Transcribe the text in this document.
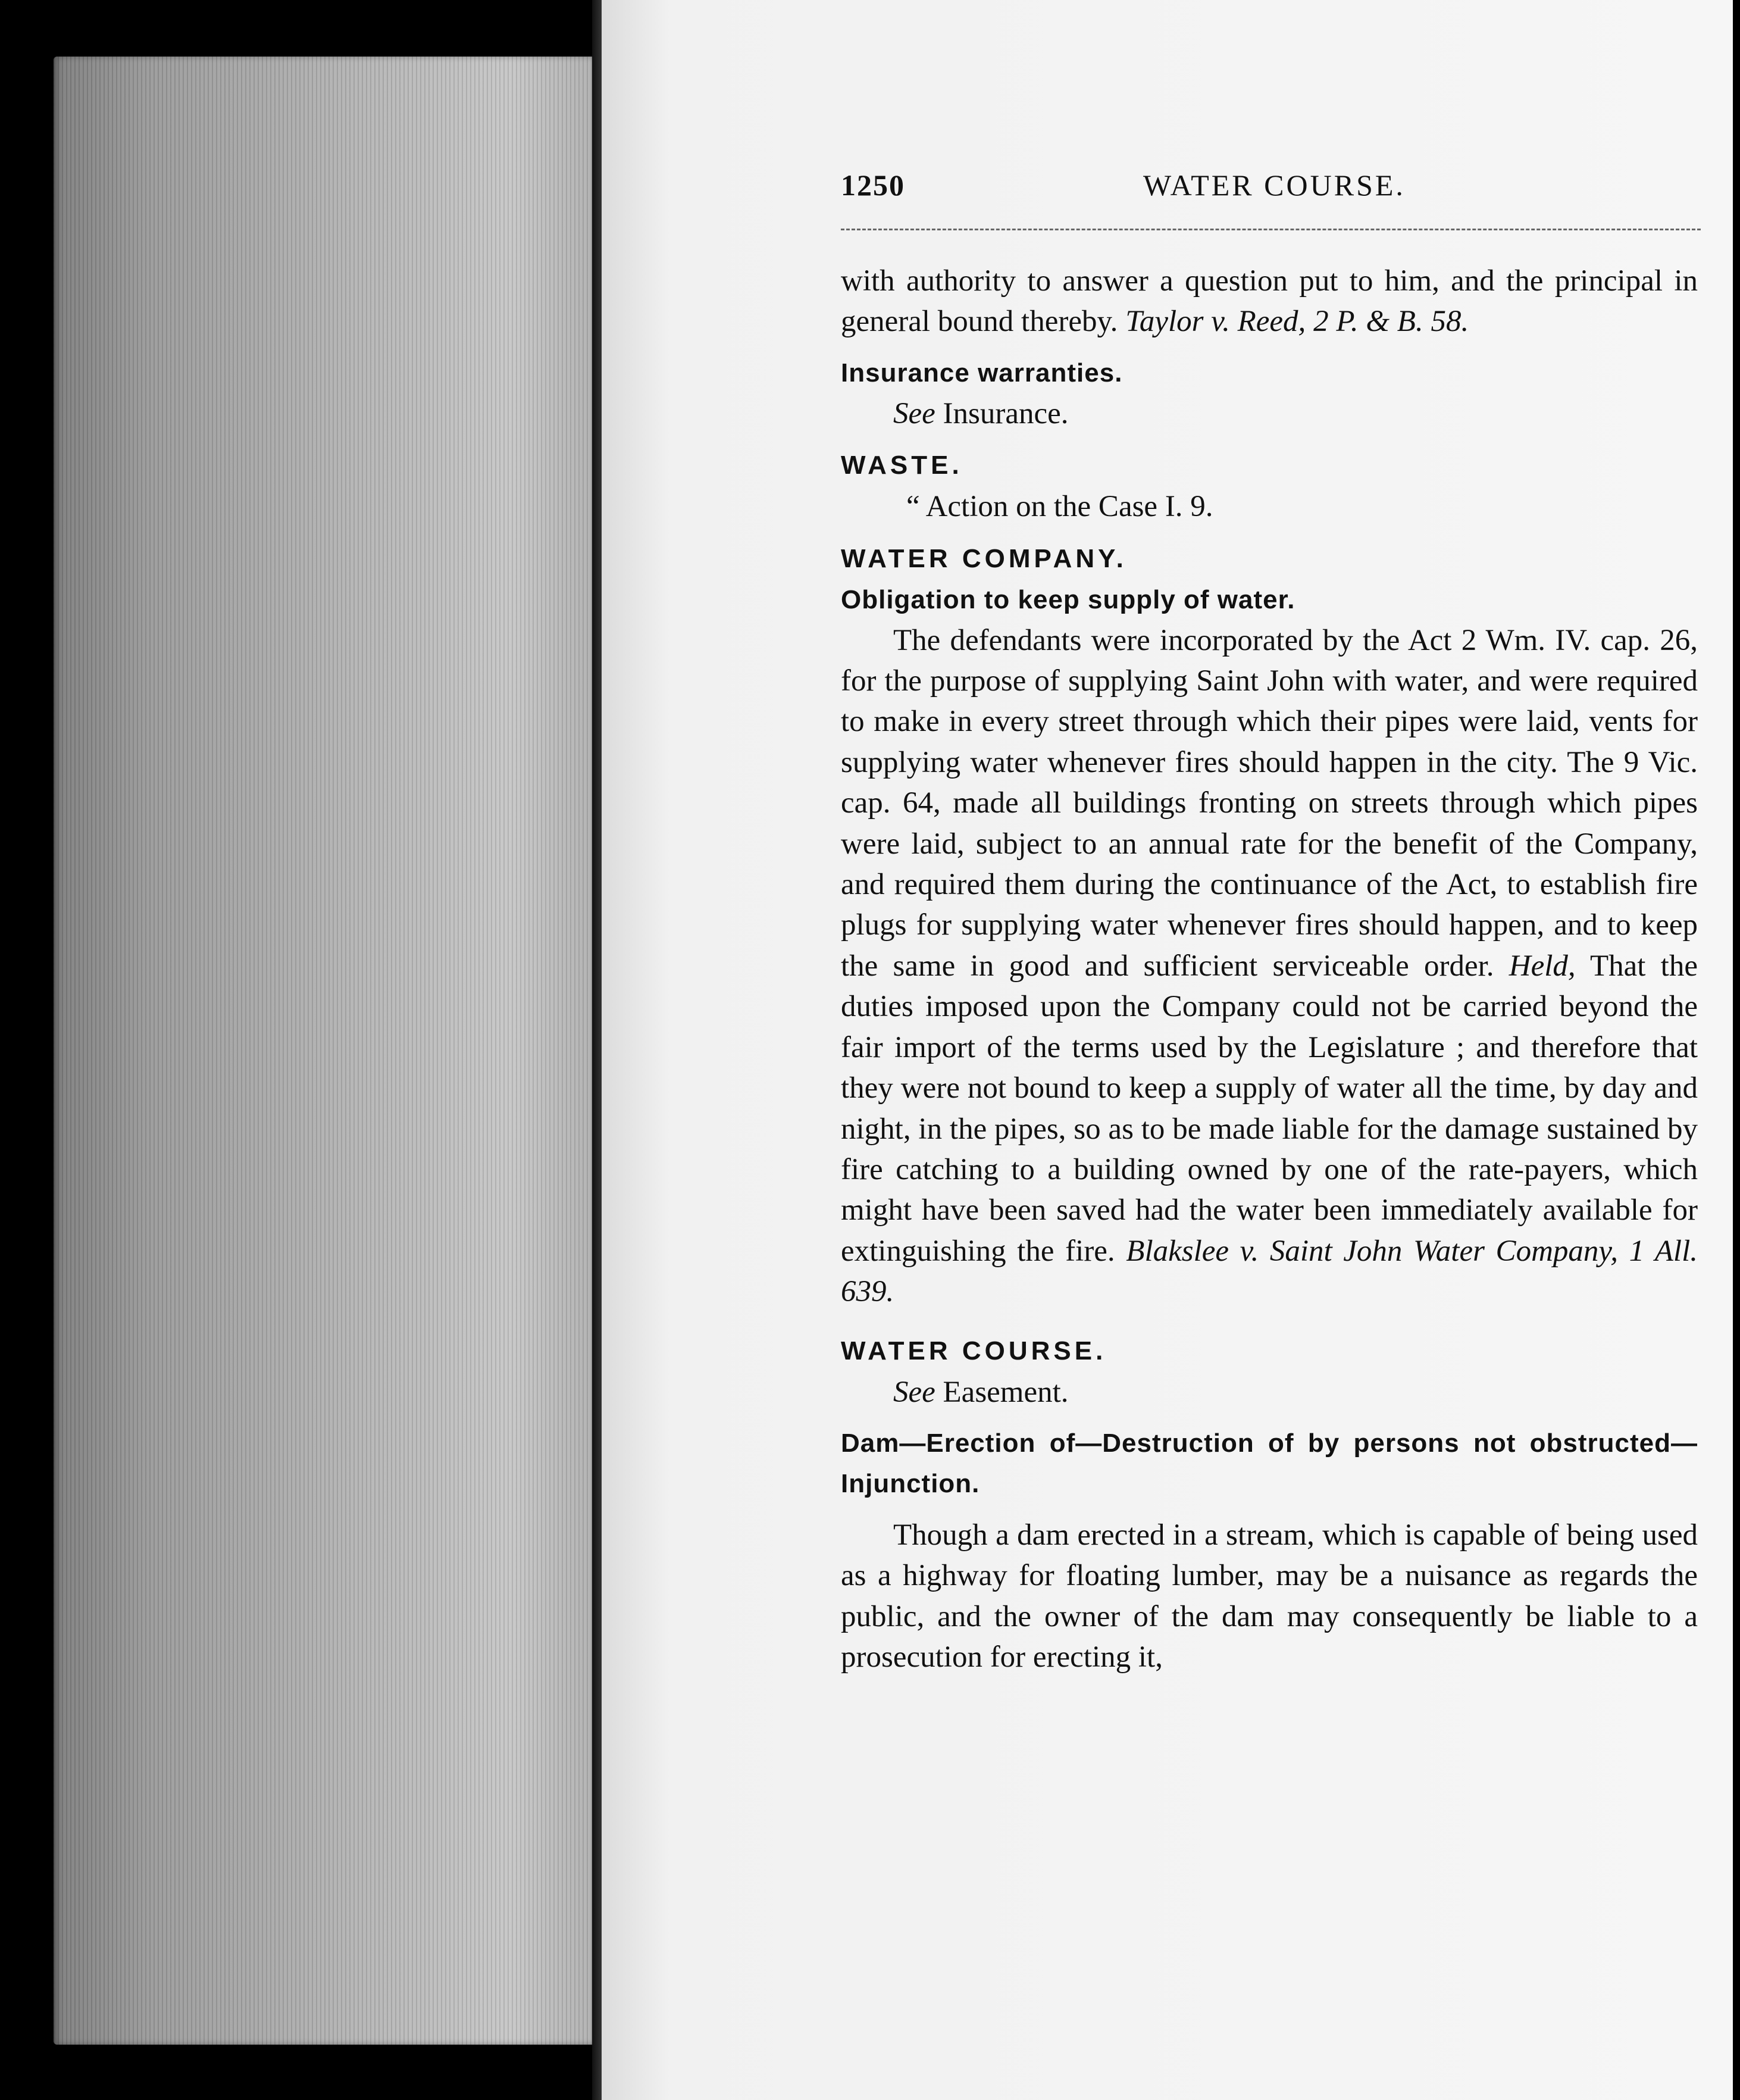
1250	WATER COURSE.

with authority to answer a question put to him, and the principal in general bound thereby. Taylor v. Reed, 2 P. & B. 58.

Insurance warranties.

See Insurance.

WASTE.

“ Action on the Case I. 9.

WATER COMPANY.

Obligation to keep supply of water.

The defendants were incorporated by the Act 2 Wm. IV. cap. 26, for the purpose of supplying Saint John with water, and were required to make in every street through which their pipes were laid, vents for supplying water whenever fires should happen in the city. The 9 Vic. cap. 64, made all buildings fronting on streets through which pipes were laid, subject to an annual rate for the benefit of the Company, and required them during the continuance of the Act, to establish fire plugs for supplying water whenever fires should happen, and to keep the same in good and sufficient serviceable order. Held, That the duties imposed upon the Company could not be carried beyond the fair import of the terms used by the Legislature ; and therefore that they were not bound to keep a supply of water all the time, by day and night, in the pipes, so as to be made liable for the damage sustained by fire catching to a building owned by one of the rate-payers, which might have been saved had the water been immediately available for extinguishing the fire. Blakslee v. Saint John Water Company, 1 All. 639.

WATER COURSE.

See Easement.

Dam—Erection of—Destruction of by persons not obstructed—Injunction.

Though a dam erected in a stream, which is capable of being used as a highway for floating lumber, may be a nuisance as regards the public, and the owner of the dam may consequently be liable to a prosecution for erecting it,
